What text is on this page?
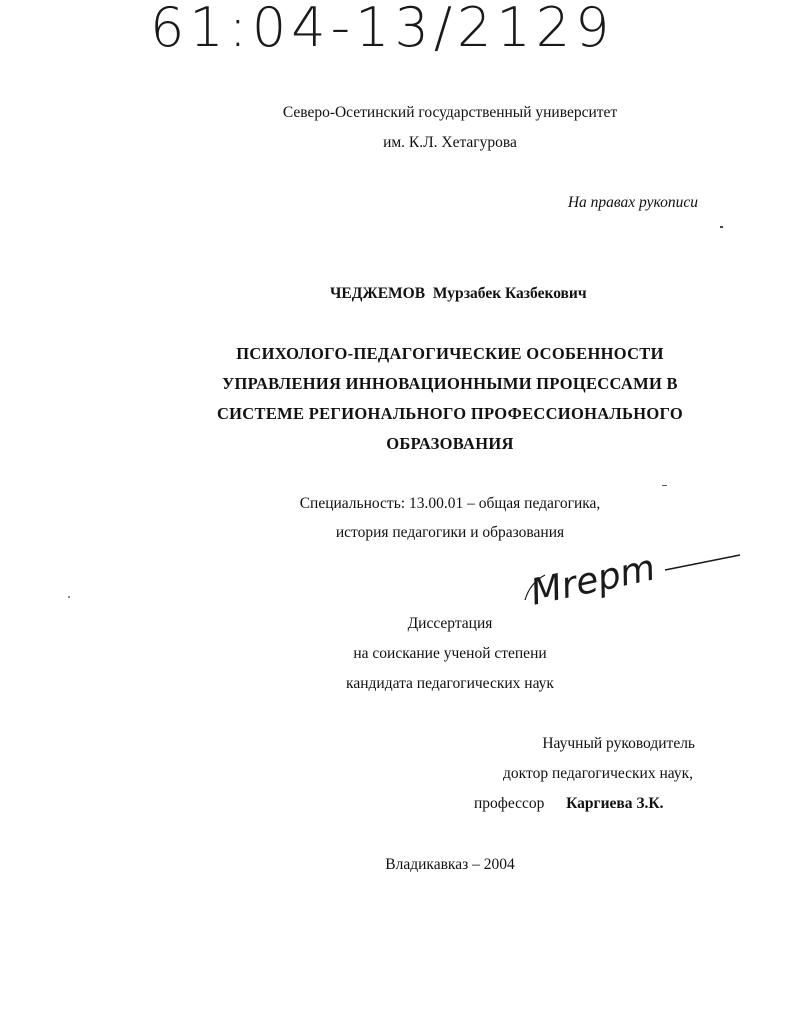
61:04-13/2129
Северо-Осетинский государственный университет
им. К.Л. Хетагурова
На правах рукописи
ЧЕДЖЕМОВ Мурзабек Казбекович
ПСИХОЛОГО-ПЕДАГОГИЧЕСКИЕ ОСОБЕННОСТИ
УПРАВЛЕНИЯ ИННОВАЦИОННЫМИ ПРОЦЕССАМИ В
СИСТЕМЕ РЕГИОНАЛЬНОГО ПРОФЕССИОНАЛЬНОГО
ОБРАЗОВАНИЯ
Специальность: 13.00.01 – общая педагогика,
история педагогики и образования
Mrepm
Диссертация
на соискание ученой степени
кандидата педагогических наук
Научный руководитель
доктор педагогических наук,
профессор Каргиева З.К.
Владикавказ – 2004
